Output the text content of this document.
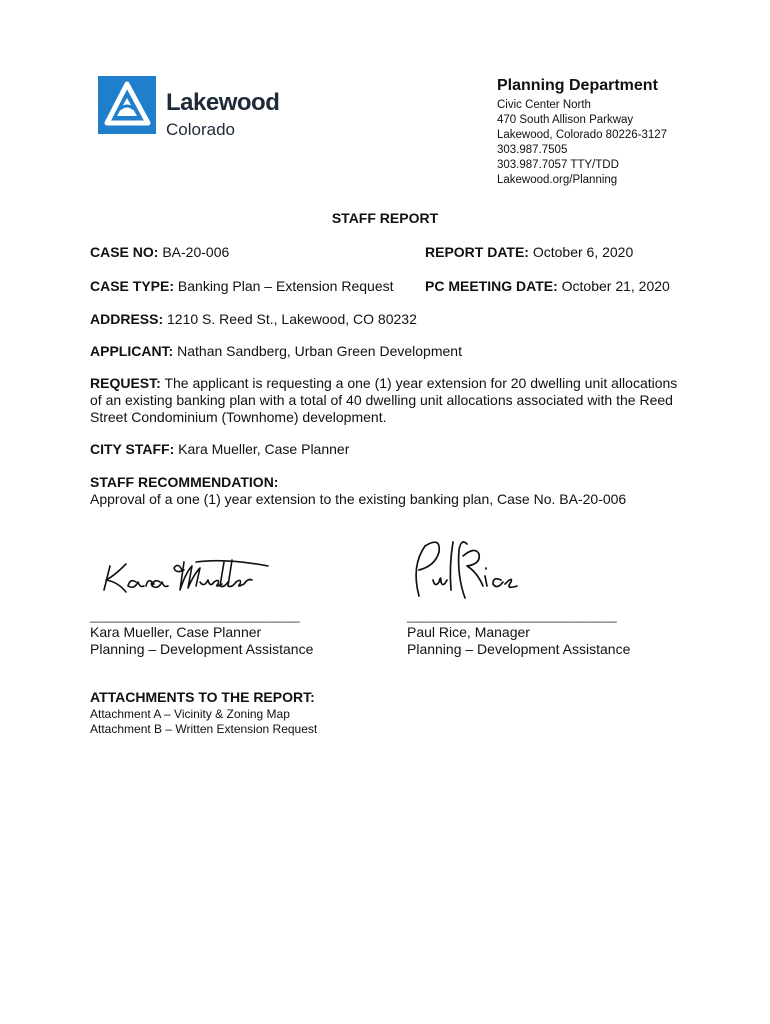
Lakewood
Colorado
Planning Department
Civic Center North
470 South Allison Parkway
Lakewood, Colorado 80226-3127
303.987.7505
303.987.7057 TTY/TDD
Lakewood.org/Planning
STAFF REPORT
CASE NO: BA-20-006	REPORT DATE: October 6, 2020
CASE TYPE: Banking Plan – Extension Request PC MEETING DATE: October 21, 2020
ADDRESS: 1210 S. Reed St., Lakewood, CO 80232
APPLICANT: Nathan Sandberg, Urban Green Development
REQUEST: The applicant is requesting a one (1) year extension for 20 dwelling unit allocations of an existing banking plan with a total of 40 dwelling unit allocations associated with the Reed Street Condominium (Townhome) development.
CITY STAFF: Kara Mueller, Case Planner
STAFF RECOMMENDATION:
Approval of a one (1) year extension to the existing banking plan, Case No. BA-20-006
_____________________________
Kara Mueller, Case Planner
Planning – Development Assistance
_____________________________
Paul Rice, Manager
Planning – Development Assistance
ATTACHMENTS TO THE REPORT:
Attachment A – Vicinity & Zoning Map
Attachment B – Written Extension Request
